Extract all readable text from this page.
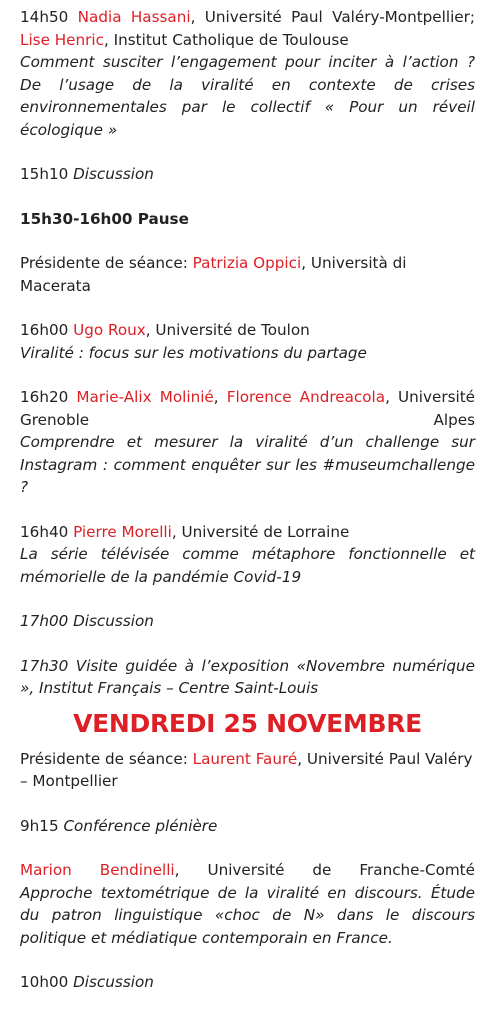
14h50 Nadia Hassani, Université Paul Valéry-Montpellier; Lise Henric, Institut Catholique de Toulouse
Comment susciter l’engagement pour inciter à l’action ? De l’usage de la viralité en contexte de crises environnementales par le collectif « Pour un réveil écologique »

15h10 Discussion

15h30-16h00 Pause

Présidente de séance: Patrizia Oppici, Università di Macerata

16h00 Ugo Roux, Université de Toulon
Viralité : focus sur les motivations du partage

16h20 Marie-Alix Molinié, Florence Andreacola, Université Grenoble Alpes
Comprendre et mesurer la viralité d’un challenge sur Instagram : comment enquêter sur les #museumchallenge ?

16h40 Pierre Morelli, Université de Lorraine

La série télévisée comme métaphore fonctionnelle et mémorielle de la pandémie Covid-19

17h00 Discussion

17h30 Visite guidée à l’exposition «Novembre numérique », Institut Français – Centre Saint-Louis

VENDREDI 25 NOVEMBRE

Présidente de séance: Laurent Fauré, Université Paul Valéry – Montpellier

9h15 Conférence plénière

Marion Bendinelli, Université de Franche-Comté
Approche textométrique de la viralité en discours. Étude du patron linguistique «choc de N» dans le discours politique et médiatique contemporain en France.

10h00 Discussion
